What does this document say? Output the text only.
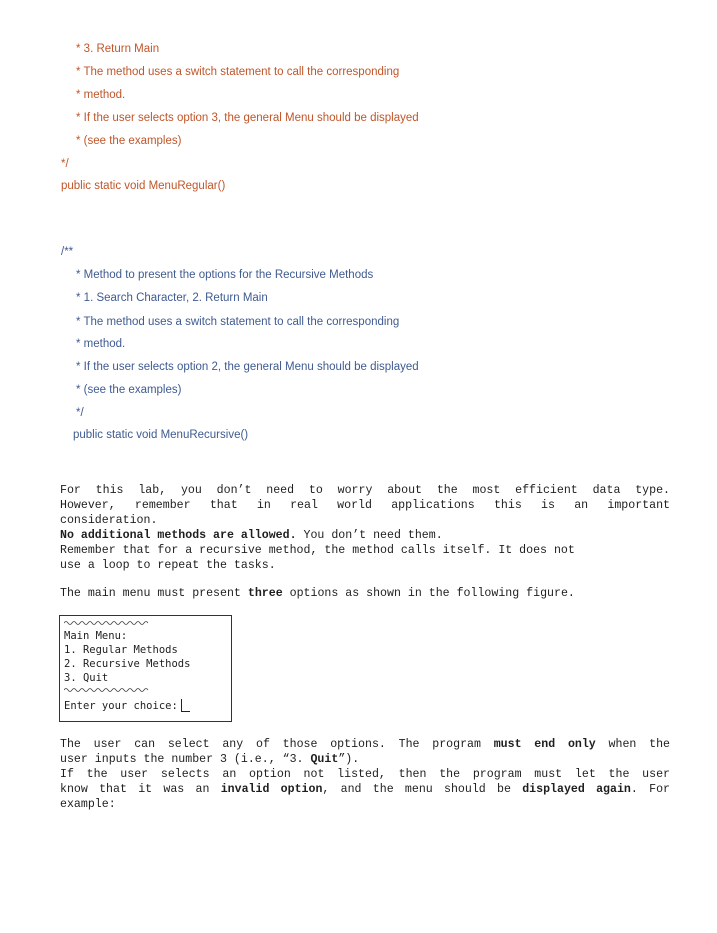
* 3. Return Main
* The method uses a switch statement to call the corresponding
* method.
* If the user selects option 3, the general Menu should be displayed
* (see the examples)
*/
public static void MenuRegular()
/**
* Method to present the options for the Recursive Methods
* 1. Search Character, 2. Return Main
* The method uses a switch statement to call the corresponding
* method.
* If the user selects option 2, the general Menu should be displayed
* (see the examples)
*/
public static void MenuRecursive()
For this lab, you don’t need to worry about the most efficient data type.
However, remember that in real world applications this is an important
consideration.
No additional methods are allowed. You don’t need them.
Remember that for a recursive method, the method calls itself. It does not
use a loop to repeat the tasks.
The main menu must present three options as shown in the following figure.
Main Menu:
1. Regular Methods
2. Recursive Methods
3. Quit
Enter your choice:
The user can select any of those options. The program must end only when the
user inputs the number 3 (i.e., “3. Quit”).
If the user selects an option not listed, then the program must let the user
know that it was an invalid option, and the menu should be displayed again. For
example:
